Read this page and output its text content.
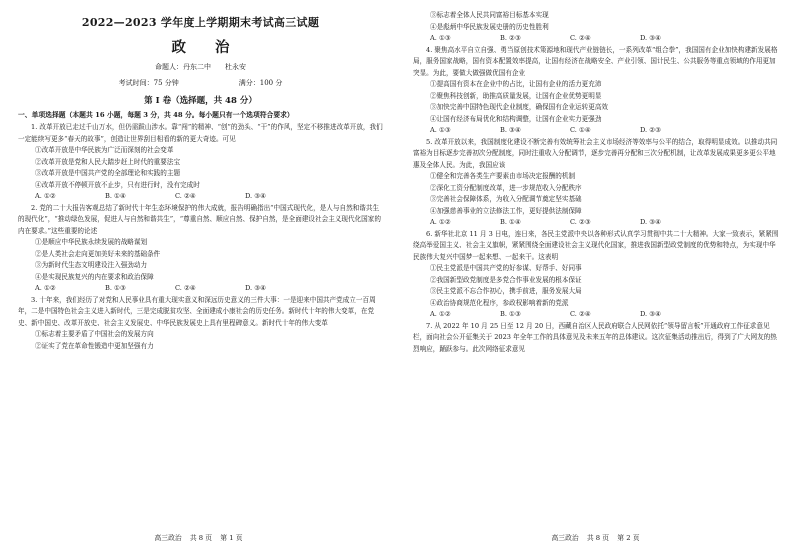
2022—2023 学年度上学期期末考试高三试题
政 治
命题人：丹东二中　　杜永安
考试时间：75 分钟	满分：100 分
第 Ⅰ 卷（选择题，共 48 分）
一、单项选择题（本题共 16 小题，每题 3 分，共 48 分。每小题只有一个选项符合要求）

1. 改革开放已走过千山万水，但仍需跋山涉水。靠“闯”的精神、“创”的劲头、“干”的作风，坚定不移推进改革开放，我们一定能续写更多“春天的故事”，创造让世界刮目相看的新的更大奇迹。可见

①改革开放是中华民族为广泛而深刻的社会变革

②改革开放是党和人民大踏步赶上时代的重要法宝

③改革开放是中国共产党的全部理论和实践的主题

④改革开放不停顿开放不止步，只有进行时，没有完成时

A. ①②	B. ①④	C. ②④	D. ③④

2. 党的二十大报告客观总结了新时代十年生态环境保护的伟大成就，报告明确指出“中国式现代化，是人与自然和谐共生的现代化”，“推动绿色发展，促进人与自然和谐共生”，“尊重自然、顺应自然、保护自然，是全面建设社会主义现代化国家的内在要求。”这些重要的论述

①是顺应中华民族永续发展的战略谋划

②是人类社会走向更加美好未来的基础条件

③为新时代生态文明建设注入强劲动力

④是实现民族复兴的内在要求和政治保障

A. ①②	B. ①③	C. ②④	D. ③④

3. 十年来，我们经历了对党和人民事业具有重大现实意义和深远历史意义的三件大事：一是迎来中国共产党成立一百周年，二是中国特色社会主义进入新时代，三是完成脱贫攻坚、全面建成小康社会的历史任务。新时代十年的伟大变革，在党史、新中国史、改革开放史、社会主义发展史、中华民族发展史上具有里程碑意义。新时代十年的伟大变革

①标志着主要矛盾了中国社会的发展方向

②证实了党在革命性锻造中更加坚强有力

高三政治 共 8 页 第 1 页

③标志着全体人民共同富裕目标基本实现

④是彪炳中华民族发展史册的历史性胜利

A. ①③	B. ②③	C. ②④	D. ③④

4. 聚焦高水平自立自强、勇当原创技术策源地和现代产业链链长，一系列改革“组合拳”，我国国有企业加快构建新发展格局，服务国家战略，国有资本配置效率提高，让国有经济在战略安全、产业引领、国计民生、公共服务等重点领域的作用更加突显。为此，要做大做强做优国有企业

①提高国有资本在企业中的占比，让国有企业的活力更充沛

②聚焦科技创新，助推高质量发展，让国有企业优势更明显

③加快完善中国特色现代企业制度，确保国有企业运转更高效

④让国有经济布局优化和结构调整，让国有企业实力更强劲

A. ①③	B. ③④	C. ①④	D. ②③

5. 改革开放以来，我国制度化建设不断完善有效统筹社会主义市场经济等效率与公平的结合，取得明显成效。以推动共同富裕为目标逐步完善初次分配制度，同时注重收入分配调节，逐步完善再分配和三次分配机制，让改革发展成果更多更公平地惠及全体人民。为此，我国应该

①健全和完善各类生产要素由市场决定报酬的机制

②深化工资分配制度改革，进一步规范收入分配秩序

③完善社会保障体系，为收入分配调节奠定坚实基础

④加强慈善事业的立法修法工作，更好提供法制保障

A. ①②	B. ①④	C. ②③	D. ③④

6. 新华社北京 11 月 3 日电，连日来，各民主党派中央以各种形式认真学习贯彻中共二十大精神。大家一致表示，紧紧围绕高举爱国主义、社会主义旗帜，紧紧围绕全面建设社会主义现代化国家，推进我国新型政党制度的优势和特点，为实现中华民族伟大复兴中国梦一起来想、一起来干。这表明

①民主党派是中国共产党的好参谋、好帮手、好同事

②我国新型政党制度是多党合作事业发展的根本保证

③民主党派不忘合作初心，携手前进，服务发展大局

④政治协商规范化程序，参政权影响着新的党派

A. ①②	B. ①③	C. ②④	D. ③④

7. 从 2022 年 10 月 25 日至 12 月 20 日，西藏自治区人民政府联合人民网依托“领导留言板”开通政府工作征求意见栏，面向社会公开征集关于 2023 年全年工作的具体意见及未来五年的总体建议。这次征集活动推出后，得到了广大网友的热烈响应，踊跃参与。此次网络征求意见

高三政治 共 8 页 第 2 页
